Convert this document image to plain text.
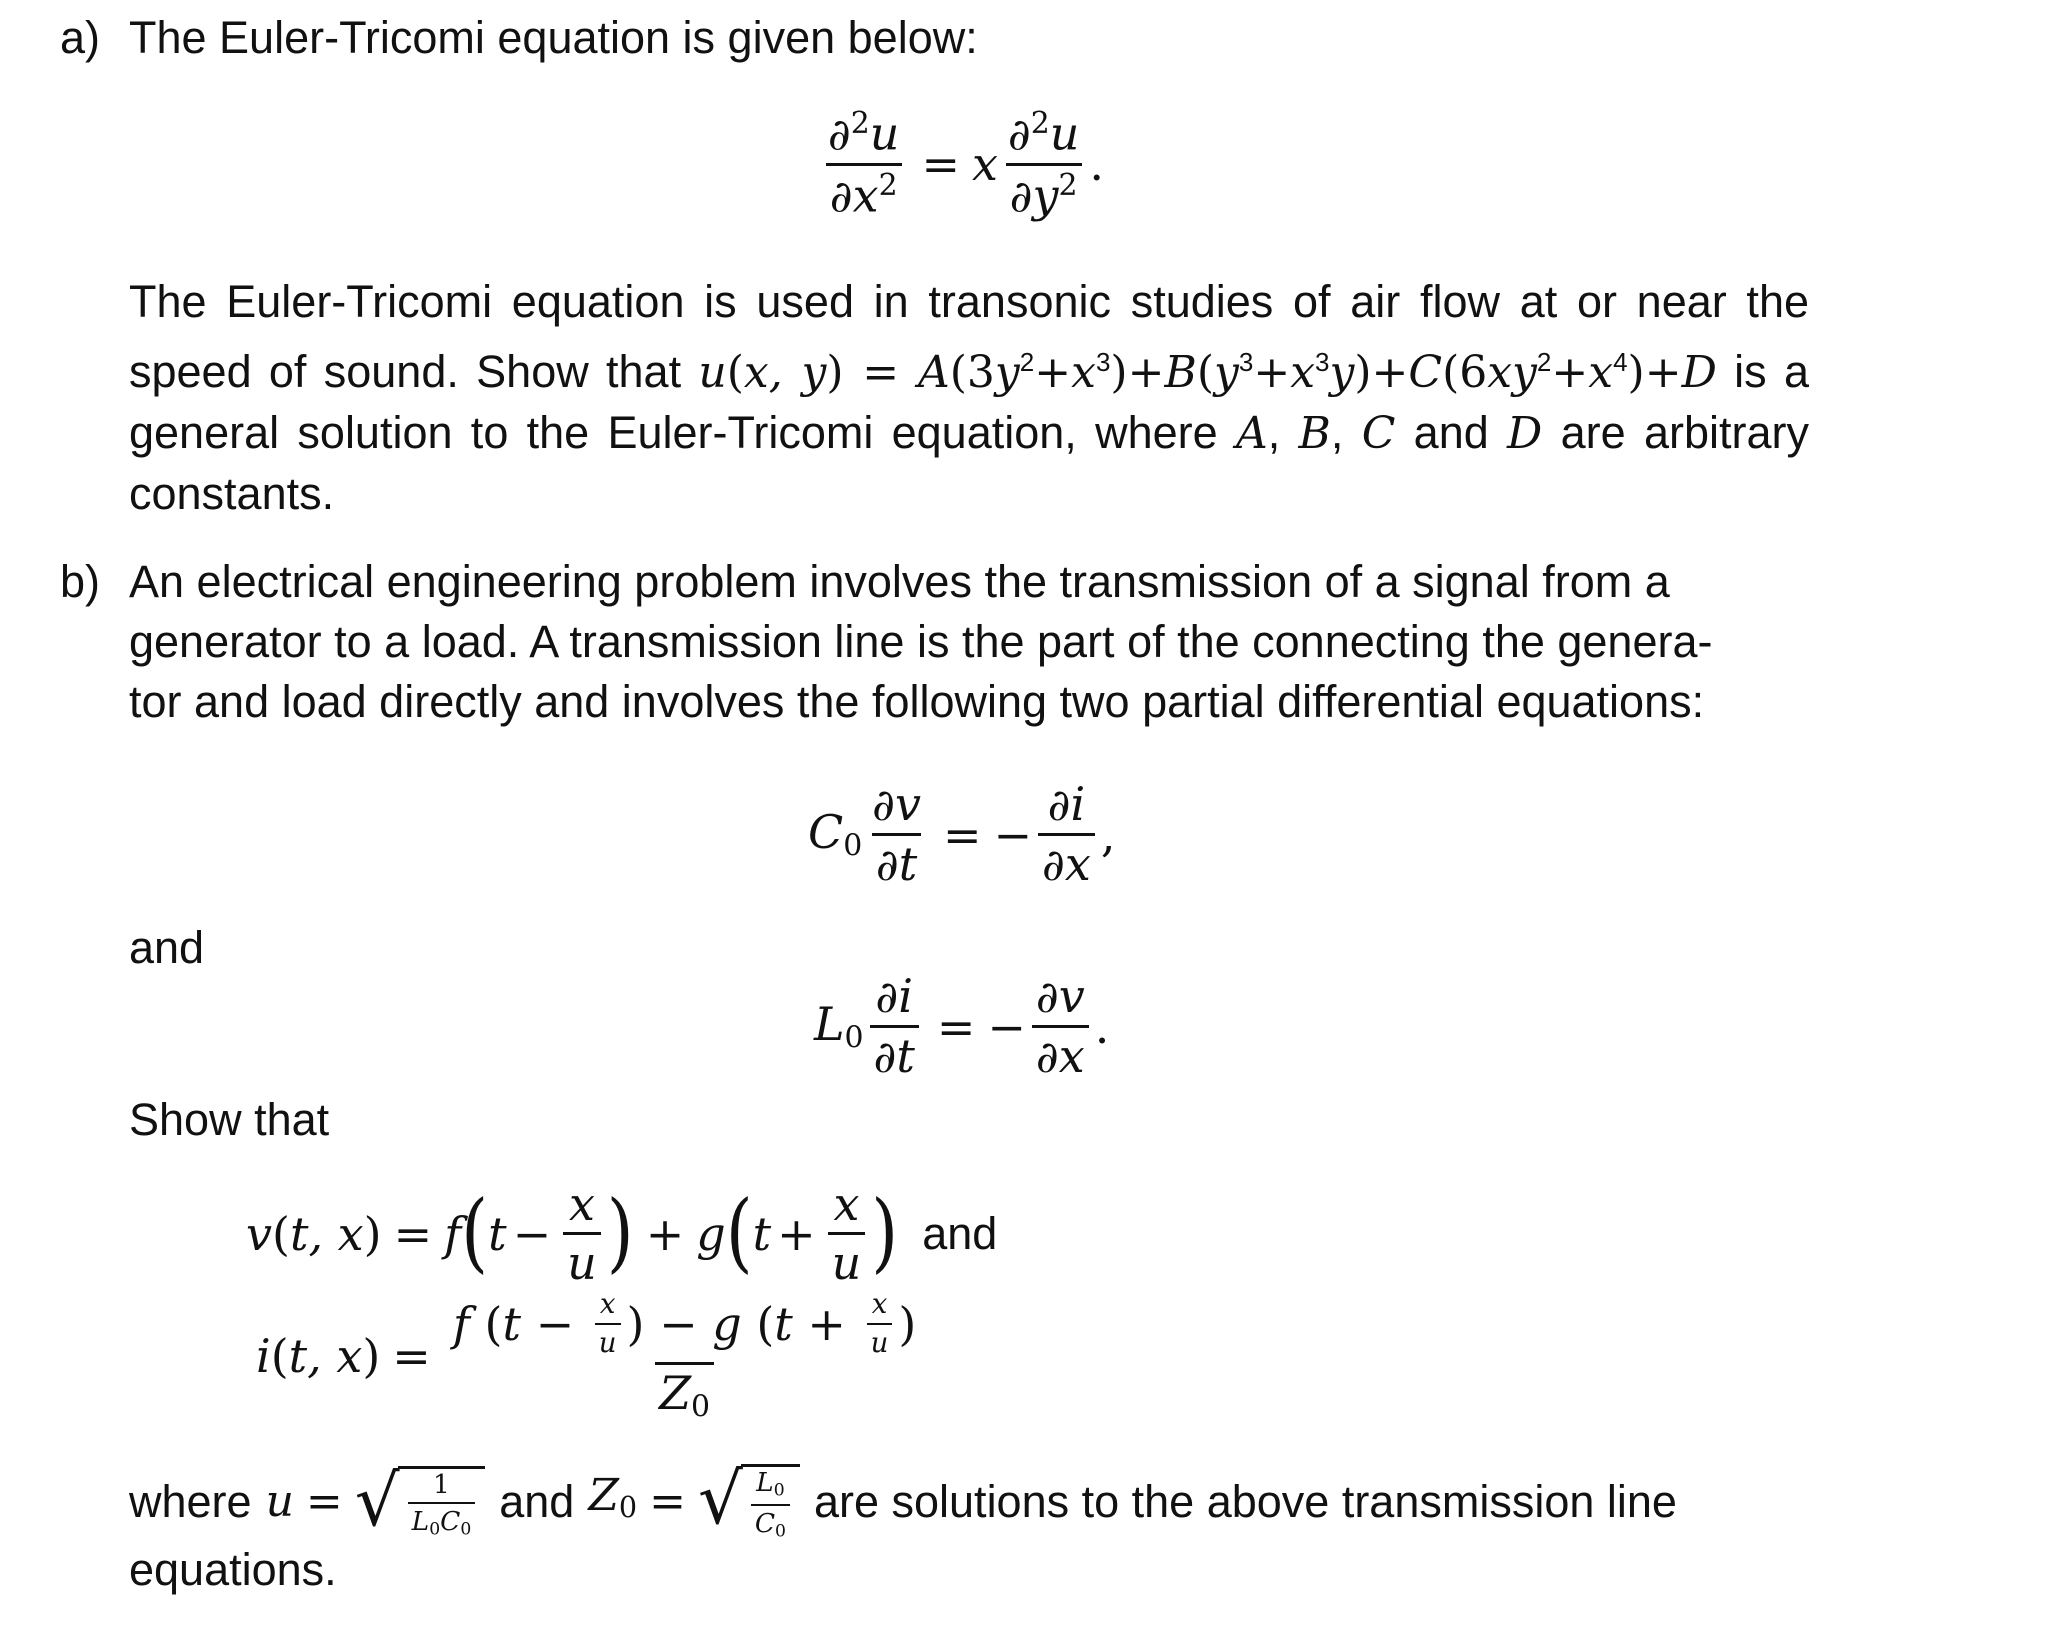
a) The Euler-Tricomi equation is given below:
$\frac{\partial^2u}{\partial x^2} = x \frac{\partial^2u}{\partial y^2}$ .
The Euler-Tricomi equation is used in transonic studies of air flow at or near the speed of sound. Show that u(x, $y) = A(3y^2+x^3)+B(y^3+x^3y)+C(6xy^2+x^4)+D$ is a general solution to the Euler-Tricomi equation, where A, B, C and D are arbitrary constants.
b) An electrical engineering problem involves the transmission of a signal from a
generator to a load. A transmission line is the part of the connecting the genera-
tor and load directly and involves the following two partial differential equations:
$C_0 \frac{\partial v}{\partial t}$ = − $\frac{\partial i}{\partial x}$ ,
and
$L_0 \frac{\partial i}{\partial t}$ = − $\frac{\partial v}{\partial x}$ .
Show that
v ( t, x ) = f ( $t - \frac{x}{u}$ ) + g ( $t + \frac{x}{u}$ ) and
i ( t, x ) = $\frac{f ( t - \frac{x}{u} ) - g ( t + \frac{x}{u} )}{Z_0}$
where u = √ $\frac{1}{L_0C_0}$ and $Z_0$ = √ $\frac{L_0}{C_0}$ are solutions to the above transmission line
equations.
